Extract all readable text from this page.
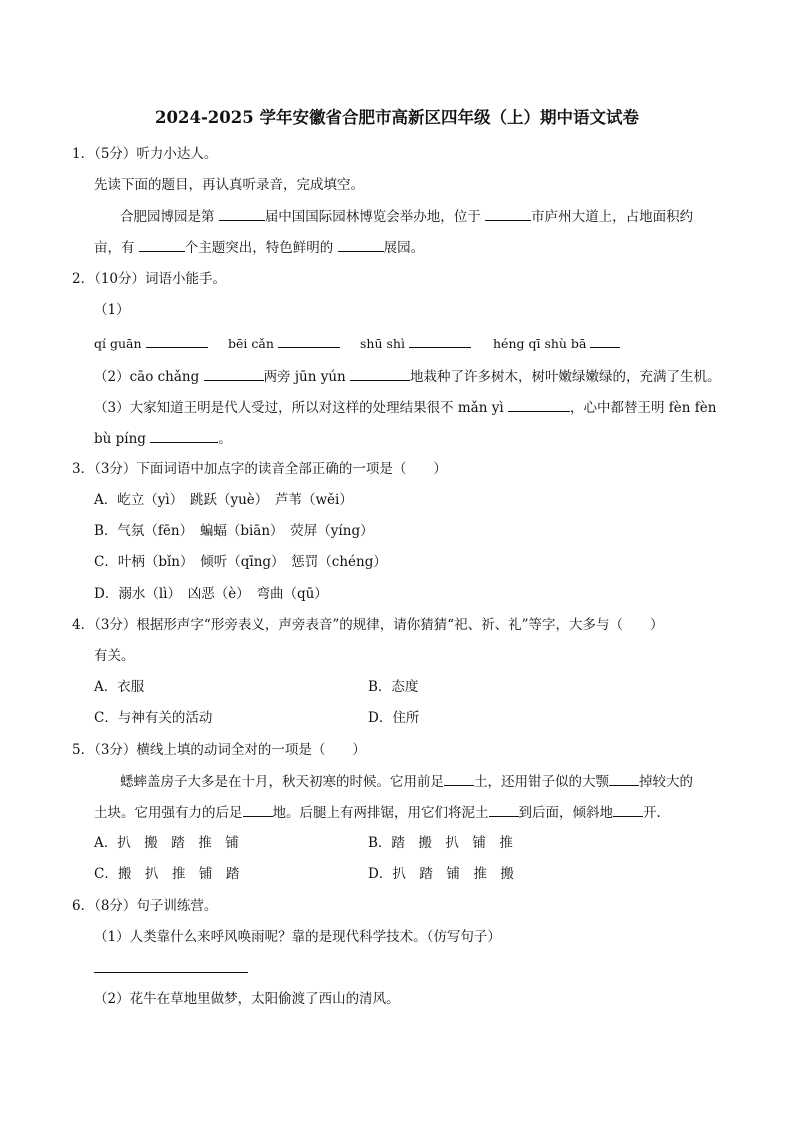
2024-2025 学年安徽省合肥市高新区四年级（上）期中语文试卷
1．（5分）听力小达人。
先读下面的题目，再认真听录音，完成填空。
合肥园博园是第	届中国国际园林博览会举办地，位于	市庐州大道上，占地面积约
亩，有	个主题突出，特色鲜明的	展园。
2．（10分）词语小能手。
（1）
qí guān	bēi cǎn	shū shì	héng qī shù bā
（2）cāo chǎng	两旁 jūn yún	地栽种了许多树木，树叶嫩绿嫩绿的，充满了生机。
（3）大家知道王明是代人受过，所以对这样的处理结果很不 mǎn yì	，心中都替王明 fèn fèn
bù píng	。
3．（3分）下面词语中加点字的读音全部正确的一项是（　　）
A．屹立（yì）　跳跃（yuè）　芦苇（wěi）
B．气氛（fēn）　蝙蝠（biān）　荧屏（yíng）
C．叶柄（bǐn）　倾听（qīng）　惩罚（chéng）
D．溺水（lì）　凶恶（è）　弯曲（qū）
4．（3分）根据形声字“形旁表义，声旁表音”的规律，请你猜猜“祀、祈、礼”等字，大多与（　　）
有关。
A．衣服	B．态度
C．与神有关的活动	D．住所
5．（3分）横线上填的动词全对的一项是（　　）
蟋蟀盖房子大多是在十月，秋天初寒的时候。它用前足 土，还用钳子似的大颚 掉较大的
土块。它用强有力的后足 地。后腿上有两排锯，用它们将泥土 到后面，倾斜地 开.
A．扒　搬　踏　推　铺	B．踏　搬　扒　铺　推
C．搬　扒　推　铺　踏	D．扒　踏　铺　推　搬
6．（8分）句子训练营。
（1）人类靠什么来呼风唤雨呢？靠的是现代科学技术。（仿写句子）
（2）花牛在草地里做梦，太阳偷渡了西山的清风。
